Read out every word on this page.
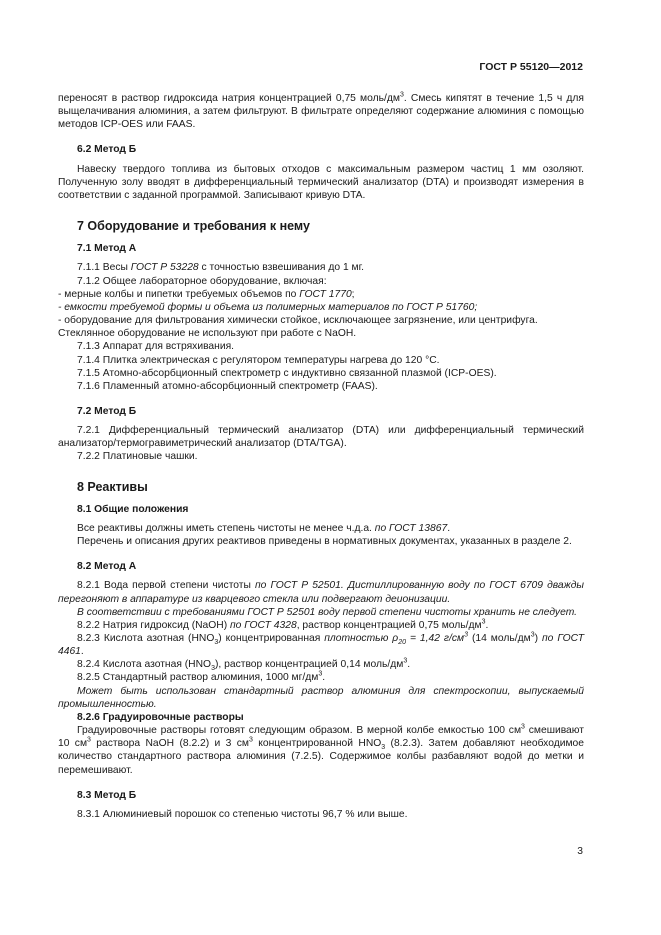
ГОСТ Р 55120—2012

переносят в раствор гидроксида натрия концентрацией 0,75 моль/$дм^3$. Смесь кипятят в течение 1,5 ч для выщелачивания алюминия, а затем фильтруют. В фильтрате определяют содержание алюминия с помощью методов ICP-OES или FAAS.

6.2 Метод Б

Навеску твердого топлива из бытовых отходов с максимальным размером частиц 1 мм озоляют. Полученную золу вводят в дифференциальный термический анализатор (DTA) и производят измерения в соответствии с заданной программой. Записывают кривую DTA.

7 Оборудование и требования к нему

7.1 Метод А

7.1.1 Весы ГОСТ Р 53228 с точностью взвешивания до 1 мг.

7.1.2 Общее лабораторное оборудование, включая:

- мерные колбы и пипетки требуемых объемов по ГОСТ 1770;

- емкости требуемой формы и объема из полимерных материалов по ГОСТ Р 51760;

- оборудование для фильтрования химически стойкое, исключающее загрязнение, или центрифуга.

Стеклянное оборудование не используют при работе с NaOH.

7.1.3 Аппарат для встряхивания.

7.1.4 Плитка электрическая с регулятором температуры нагрева до 120 °C.

7.1.5 Атомно-абсорбционный спектрометр с индуктивно связанной плазмой (ICP-OES).

7.1.6 Пламенный атомно-абсорбционный спектрометр (FAAS).

7.2 Метод Б

7.2.1 Дифференциальный термический анализатор (DTA) или дифференциальный термический анализатор/термогравиметрический анализатор (DTA/TGA).

7.2.2 Платиновые чашки.

8 Реактивы

8.1 Общие положения

Все реактивы должны иметь степень чистоты не менее ч.д.а. по ГОСТ 13867.

Перечень и описания других реактивов приведены в нормативных документах, указанных в разделе 2.

8.2 Метод А

8.2.1 Вода первой степени чистоты по ГОСТ Р 52501. Дистиллированную воду по ГОСТ 6709 дважды перегоняют в аппаратуре из кварцевого стекла или подвергают деионизации.

В соответствии с требованиями ГОСТ Р 52501 воду первой степени чистоты хранить не следует.

8.2.2 Натрия гидроксид (NaOH) по ГОСТ 4328, раствор концентрацией 0,75 моль/$дм^3$.

8.2.3 Кислота азотная $(HNO_3)$ концентрированная плотностью $\rho_{20} = 1,42$ $г/см^3$ (14 моль/$дм^3$) по ГОСТ 4461.

8.2.4 Кислота азотная $(HNO_3)$, раствор концентрацией 0,14 моль/$дм^3$.

8.2.5 Стандартный раствор алюминия, 1000 $мг/дм^3$.

Может быть использован стандартный раствор алюминия для спектроскопии, выпускаемый промышленностью.

8.2.6 Градуировочные растворы

Градуировочные растворы готовят следующим образом. В мерной колбе емкостью 100 $см^3$ смешивают 10 $см^3$ раствора NaOH (8.2.2) и 3 $см^3$ концентрированной $HNO_3$ (8.2.3). Затем добавляют необходимое количество стандартного раствора алюминия (7.2.5). Содержимое колбы разбавляют водой до метки и перемешивают.

8.3 Метод Б

8.3.1 Алюминиевый порошок со степенью чистоты 96,7 % или выше.

3
